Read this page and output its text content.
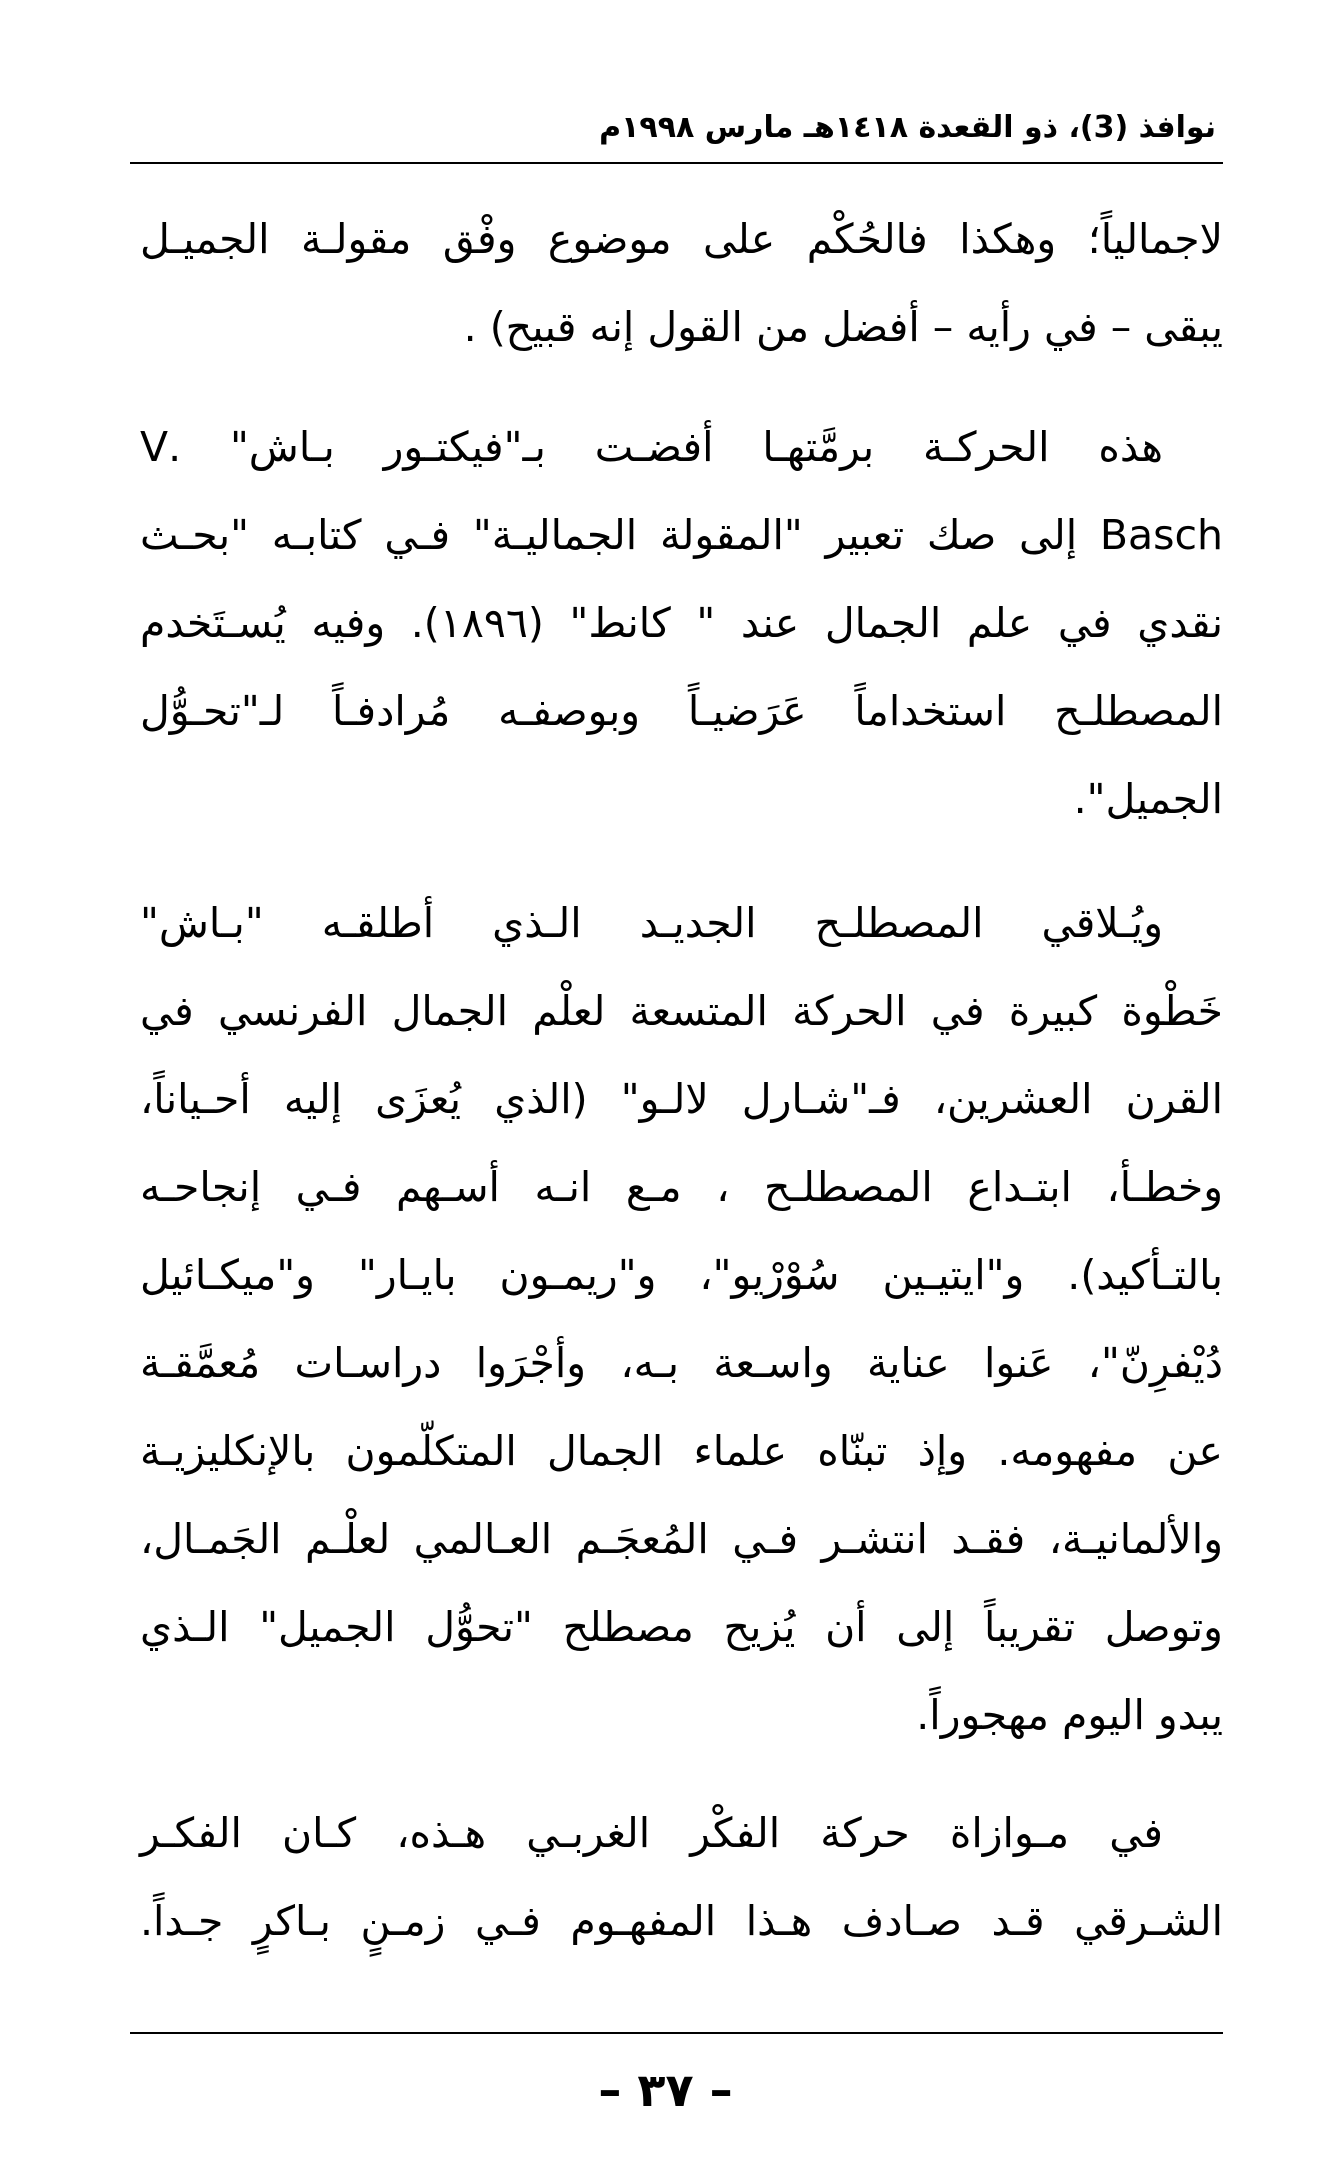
نوافذ (3)، ذو القعدة ١٤١٨هـ مارس ١٩٩٨م

لاجمالياً؛ وهكذا فالحُكْم على موضوع وفْق مقولـة الجميـل
يبقى – في رأيه – أفضل من القول إنه قبيح) .

هذه الحركـة برمَّتهـا أفضـت بـ"فيكتـور بـاش" .V
Basch إلى صك تعبير "المقولة الجماليـة" فـي كتابـه "بحـث
نقدي في علم الجمال عند " كانط" (١٨٩٦). وفيه يُسـتَخدم
المصطلـح استخداماً عَرَضيـاً وبوصفـه مُرادفـاً لـ"تحـوُّل
الجميل".

ويُـلاقي المصطلـح الجديـد الـذي أطلقـه "بـاش"
خَطْوة كبيرة في الحركة المتسعة لعلْم الجمال الفرنسي في
القرن العشرين، فـ"شـارل لالـو" (الذي يُعزَى إليه أحـياناً،
وخطـأ، ابتـداع المصطلـح ، مـع انـه أسـهم فـي إنجاحـه
بالتـأكيد). و"ايتيـين سُوْرْيو"، و"ريمـون بايـار" و"ميكـائيل
دُيْفرِنّ"، عَنوا عناية واسـعة بـه، وأجْرَوا دراسـات مُعمَّقـة
عن مفهومه. وإذ تبنّاه علماء الجمال المتكلّمون بالإنكليزيـة
والألمانيـة، فقـد انتشـر فـي المُعجَـم العـالمي لعلْـم الجَمـال،
وتوصل تقريباً إلى أن يُزيح مصطلح "تحوُّل الجميل" الـذي
يبدو اليوم مهجوراً.

في مـوازاة حركة الفكْر الغربـي هـذه، كـان الفكـر
الشـرقي قـد صـادف هـذا المفهـوم فـي زمـنٍ بـاكرٍ جـداً.

– ٣٧ –
